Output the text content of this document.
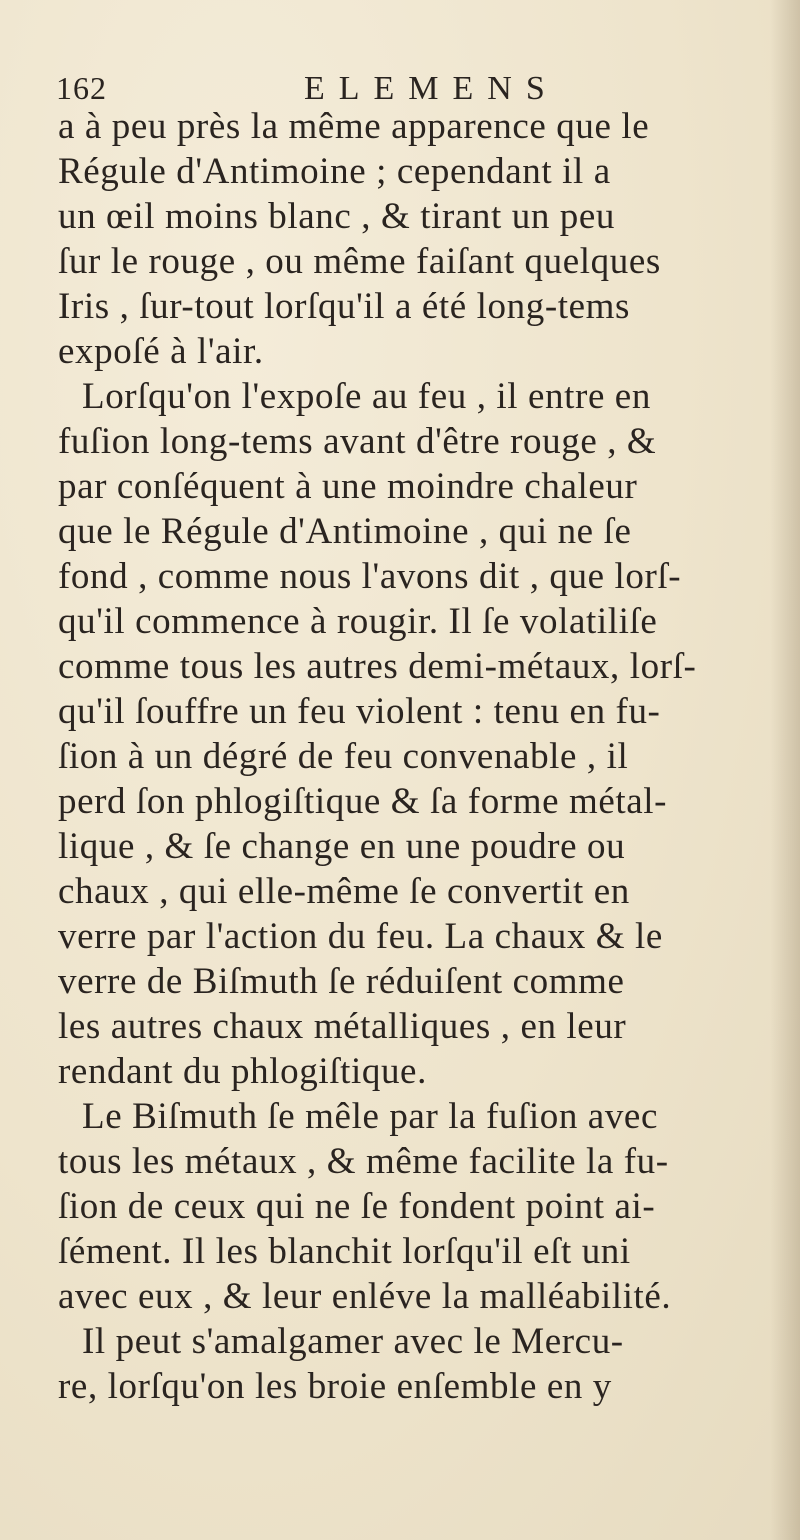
162	ELEMENS
a à peu près la même apparence que le
Régule d'Antimoine ; cependant il a
un œil moins blanc , & tirant un peu
ſur le rouge , ou même faiſant quelques
Iris , ſur-tout lorſqu'il a été long-tems
expoſé à l'air.
Lorſqu'on l'expoſe au feu , il entre en
fuſion long-tems avant d'être rouge , &
par conſéquent à une moindre chaleur
que le Régule d'Antimoine , qui ne ſe
fond , comme nous l'avons dit , que lorſ-
qu'il commence à rougir. Il ſe volatiliſe
comme tous les autres demi-métaux, lorſ-
qu'il ſouffre un feu violent : tenu en fu-
ſion à un dégré de feu convenable , il
perd ſon phlogiſtique & ſa forme métal-
lique , & ſe change en une poudre ou
chaux , qui elle-même ſe convertit en
verre par l'action du feu. La chaux & le
verre de Biſmuth ſe réduiſent comme
les autres chaux métalliques , en leur
rendant du phlogiſtique.
Le Biſmuth ſe mêle par la fuſion avec
tous les métaux , & même facilite la fu-
ſion de ceux qui ne ſe fondent point ai-
ſément. Il les blanchit lorſqu'il eſt uni
avec eux , & leur enléve la malléabilité.
Il peut s'amalgamer avec le Mercu-
re, lorſqu'on les broie enſemble en y
